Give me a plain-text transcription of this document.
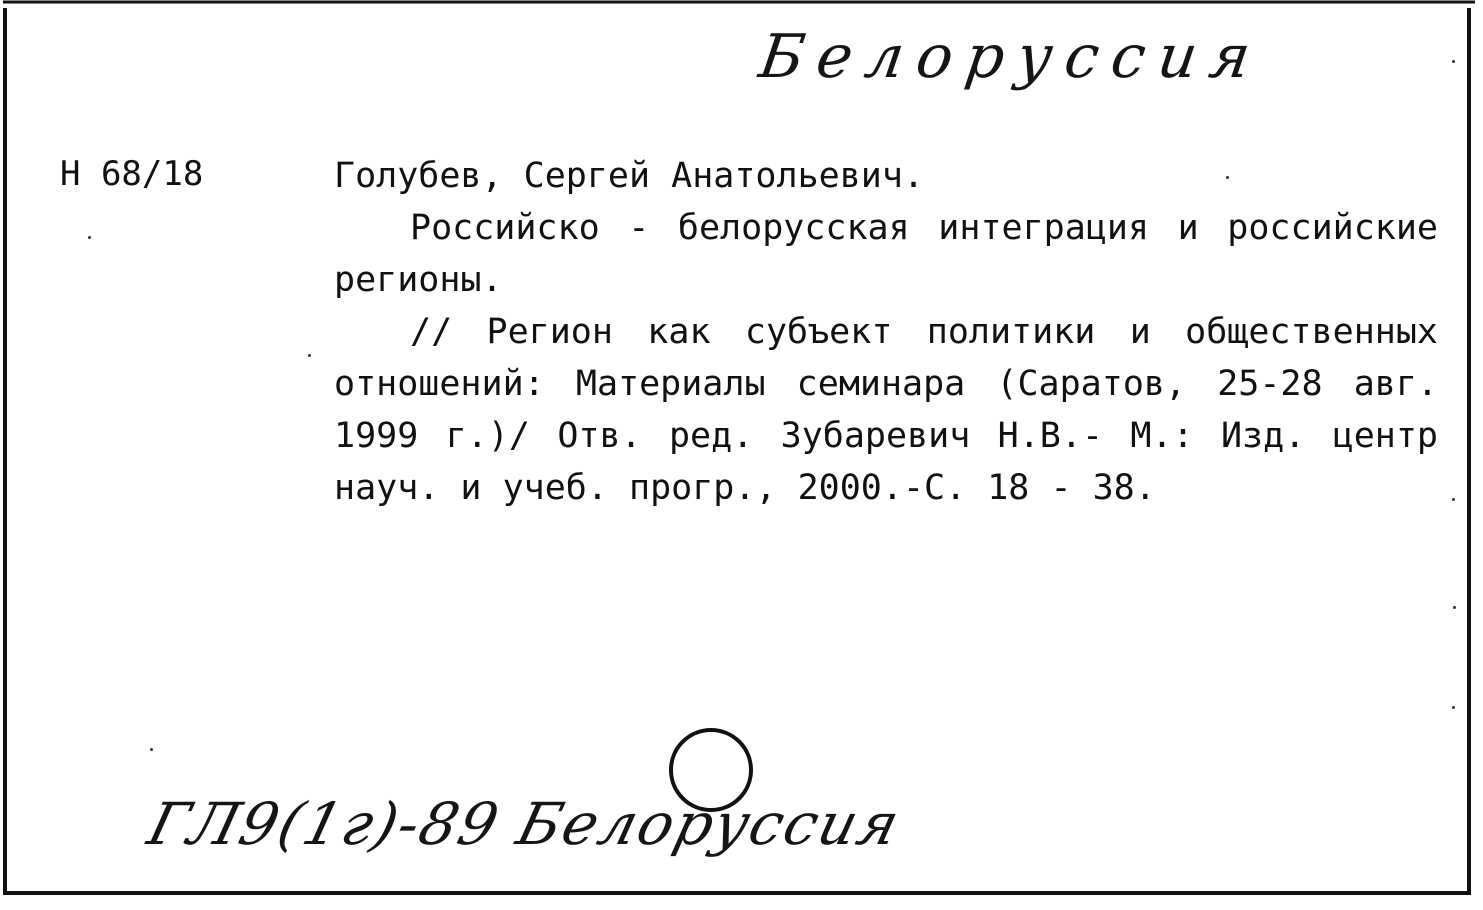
Белоруссия
Н 68/18	Голубев, Сергей Анатольевич.

Российско - белорусская интеграция и российские регионы.

// Регион как субъект политики и общественных отношений: Материалы семинара (Саратов, 25-28 авг. 1999 г.)/ Отв. ред. Зубаревич Н.В.- М.: Изд. центр науч. и учеб. прогр., 2000.-С. 18 - 38.

ГЛ9(1г)-89 Белоруссия
